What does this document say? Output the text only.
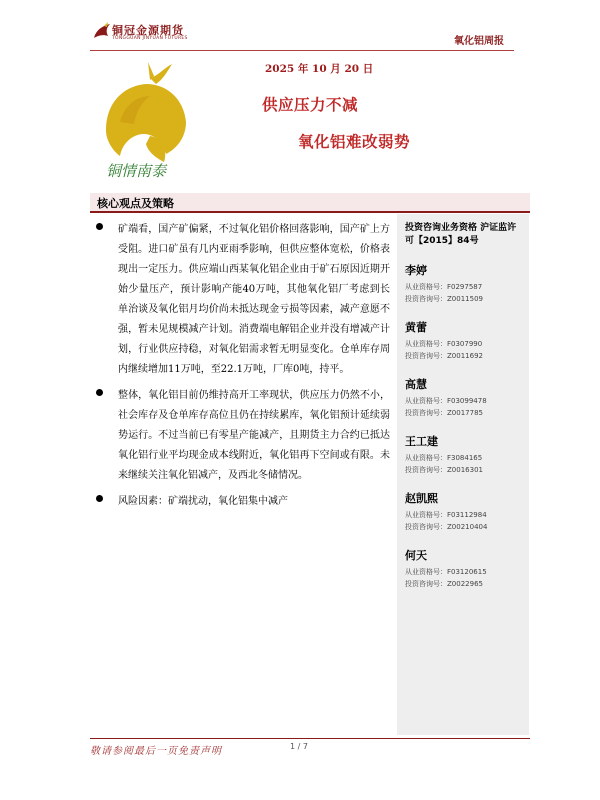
铜冠金源期货
TONGGUAN JINYUAN FUTURES	氧化铝周报
铜情南泰
2025 年 10 月 20 日
供应压力不减
氧化铝难改弱势
核心观点及策略
矿端看，国产矿偏紧，不过氧化铝价格回落影响，国产矿上方受阻。进口矿虽有几内亚雨季影响，但供应整体宽松，价格表现出一定压力。供应端山西某氧化铝企业由于矿石原因近期开始少量压产，预计影响产能40万吨，其他氧化铝厂考虑到长单治谈及氧化铝月均价尚未抵达现金亏损等因素，减产意愿不强，暂未见规模减产计划。消费端电解铝企业并没有增减产计划，行业供应持稳，对氧化铝需求暂无明显变化。仓单库存周内继续增加11万吨，至22.1万吨，厂库0吨，持平。
整体，氧化铝目前仍维持高开工率现状，供应压力仍然不小，社会库存及仓单库存高位且仍在持续累库，氧化铝预计延续弱势运行。不过当前已有零星产能减产，且期货主力合约已抵达氧化铝行业平均现金成本线附近，氧化铝再下空间或有限。未来继续关注氧化铝减产，及西北冬储情况。
风险因素：矿端扰动，氧化铝集中减产
投资咨询业务资格 沪证监许可【2015】84号
李婷
从业资格号：F0297587
投资咨询号：Z0011509
黄蕾
从业资格号：F0307990
投资咨询号：Z0011692
高慧
从业资格号：F03099478
投资咨询号：Z0017785
王工建
从业资格号：F3084165
投资咨询号：Z0016301
赵凯熙
从业资格号：F03112984
投资咨询号：Z00210404
何天
从业资格号：F03120615
投资咨询号：Z0022965
敬请参阅最后一页免责声明	1 / 7
